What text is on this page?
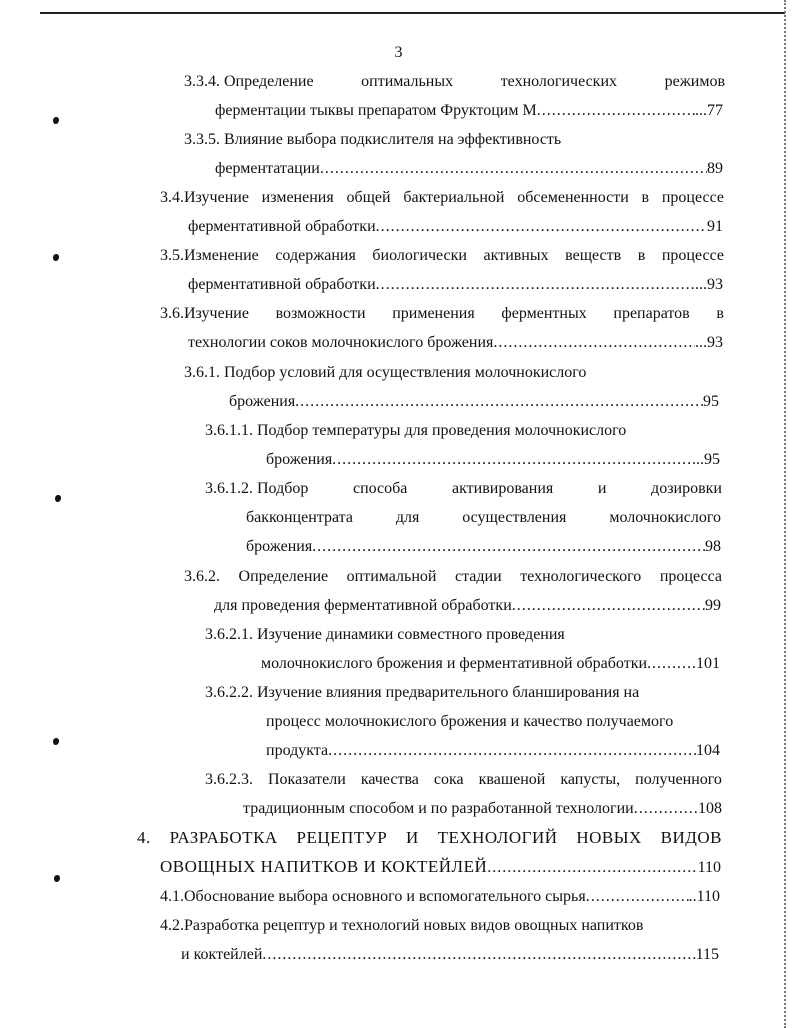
3
3.3.4. Определение	оптимальных	технологических	режимов
ферментации тыквы препаратом Фруктоцим М .....	...77
3.3.5. Влияние выбора подкислителя на эффективность
ферментатации .....	89
3.4.Изучение изменения общей бактериальной обсемененности в процессе
ферментативной обработки .....	91
3.5.Изменение содержания биологически активных веществ в процессе
ферментативной обработки .....	...93
3.6.Изучение возможности применения ферментных препаратов в
технологии соков молочнокислого брожения .....	...93
3.6.1. Подбор условий для осуществления молочнокислого
брожения .....	95
3.6.1.1. Подбор температуры для проведения молочнокислого
брожения .....	...95
3.6.1.2. Подбор	способа	активирования	и	дозировки
бакконцентрата	для	осуществления	молочнокислого
брожения .....	98
3.6.2. Определение оптимальной стадии технологического процесса
для проведения ферментативной обработки .....	99
3.6.2.1. Изучение динамики совместного проведения
молочнокислого брожения и ферментативной обработки .....	101
3.6.2.2. Изучение влияния предварительного бланширования на
процесс молочнокислого брожения и качество получаемого
продукта .....	104
3.6.2.3. Показатели качества сока квашеной капусты, полученного
традиционным способом и по разработанной технологии .....	108
4. РАЗРАБОТКА РЕЦЕПТУР И ТЕХНОЛОГИЙ НОВЫХ ВИДОВ
ОВОЩНЫХ НАПИТКОВ И КОКТЕЙЛЕЙ .....	110
4.1.Обоснование выбора основного и вспомогательного сырья .....	..110
4.2.Разработка рецептур и технологий новых видов овощных напитков
и коктейлей .....	115
